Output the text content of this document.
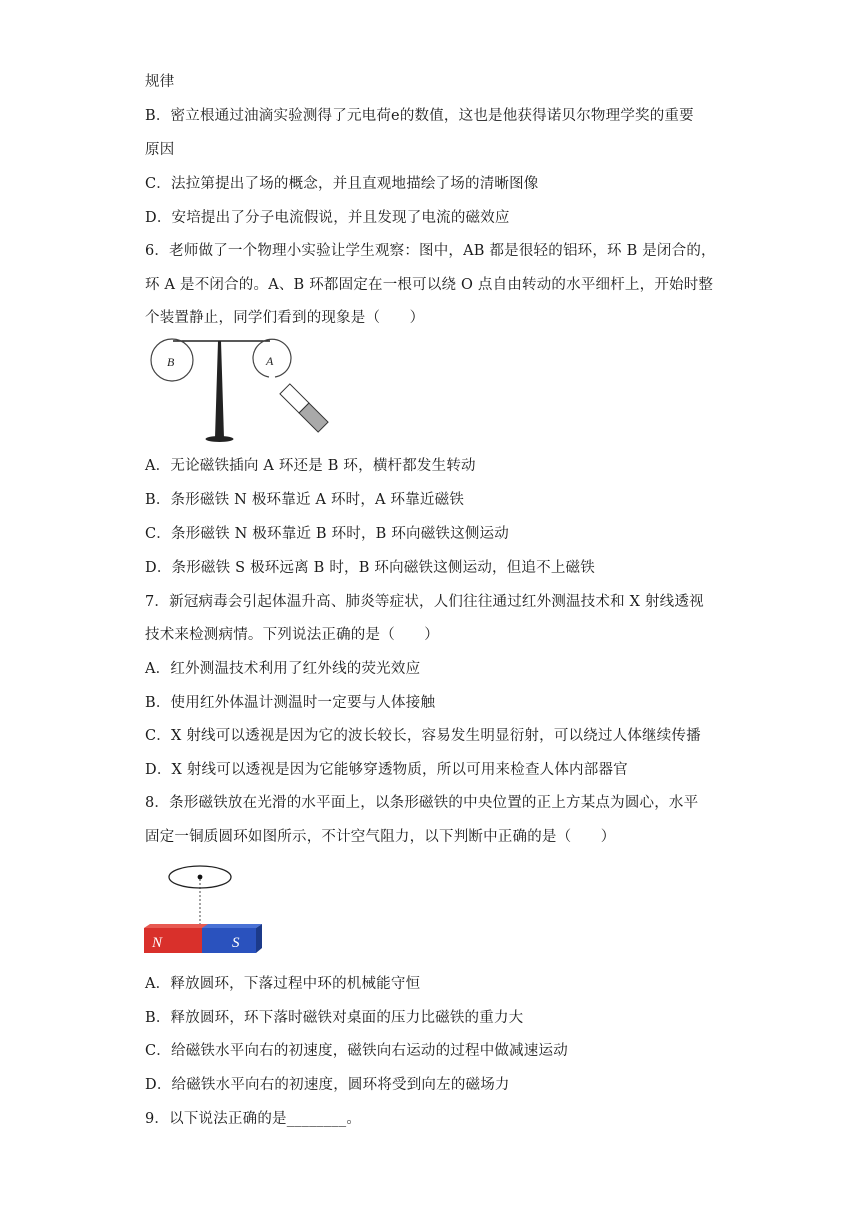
规律
B．密立根通过油滴实验测得了元电荷e的数值，这也是他获得诺贝尔物理学奖的重要
原因
C．法拉第提出了场的概念，并且直观地描绘了场的清晰图像
D．安培提出了分子电流假说，并且发现了电流的磁效应
6．老师做了一个物理小实验让学生观察：图中，AB 都是很轻的铝环，环 B 是闭合的，
环 A 是不闭合的。A、B 环都固定在一根可以绕 O 点自由转动的水平细杆上，开始时整
个装置静止，同学们看到的现象是（　　）
B	A
A．无论磁铁插向 A 环还是 B 环，横杆都发生转动
B．条形磁铁 N 极环靠近 A 环时，A 环靠近磁铁
C．条形磁铁 N 极环靠近 B 环时，B 环向磁铁这侧运动
D．条形磁铁 S 极环远离 B 时，B 环向磁铁这侧运动，但追不上磁铁
7．新冠病毒会引起体温升高、肺炎等症状，人们往往通过红外测温技术和 X 射线透视
技术来检测病情。下列说法正确的是（　　）
A．红外测温技术利用了红外线的荧光效应
B．使用红外体温计测温时一定要与人体接触
C．X 射线可以透视是因为它的波长较长，容易发生明显衍射，可以绕过人体继续传播
D．X 射线可以透视是因为它能够穿透物质，所以可用来检查人体内部器官
8．条形磁铁放在光滑的水平面上，以条形磁铁的中央位置的正上方某点为圆心，水平
固定一铜质圆环如图所示，不计空气阻力，以下判断中正确的是（　　）
N	S
A．释放圆环，下落过程中环的机械能守恒
B．释放圆环，环下落时磁铁对桌面的压力比磁铁的重力大
C．给磁铁水平向右的初速度，磁铁向右运动的过程中做减速运动
D．给磁铁水平向右的初速度，圆环将受到向左的磁场力
9．以下说法正确的是________。
